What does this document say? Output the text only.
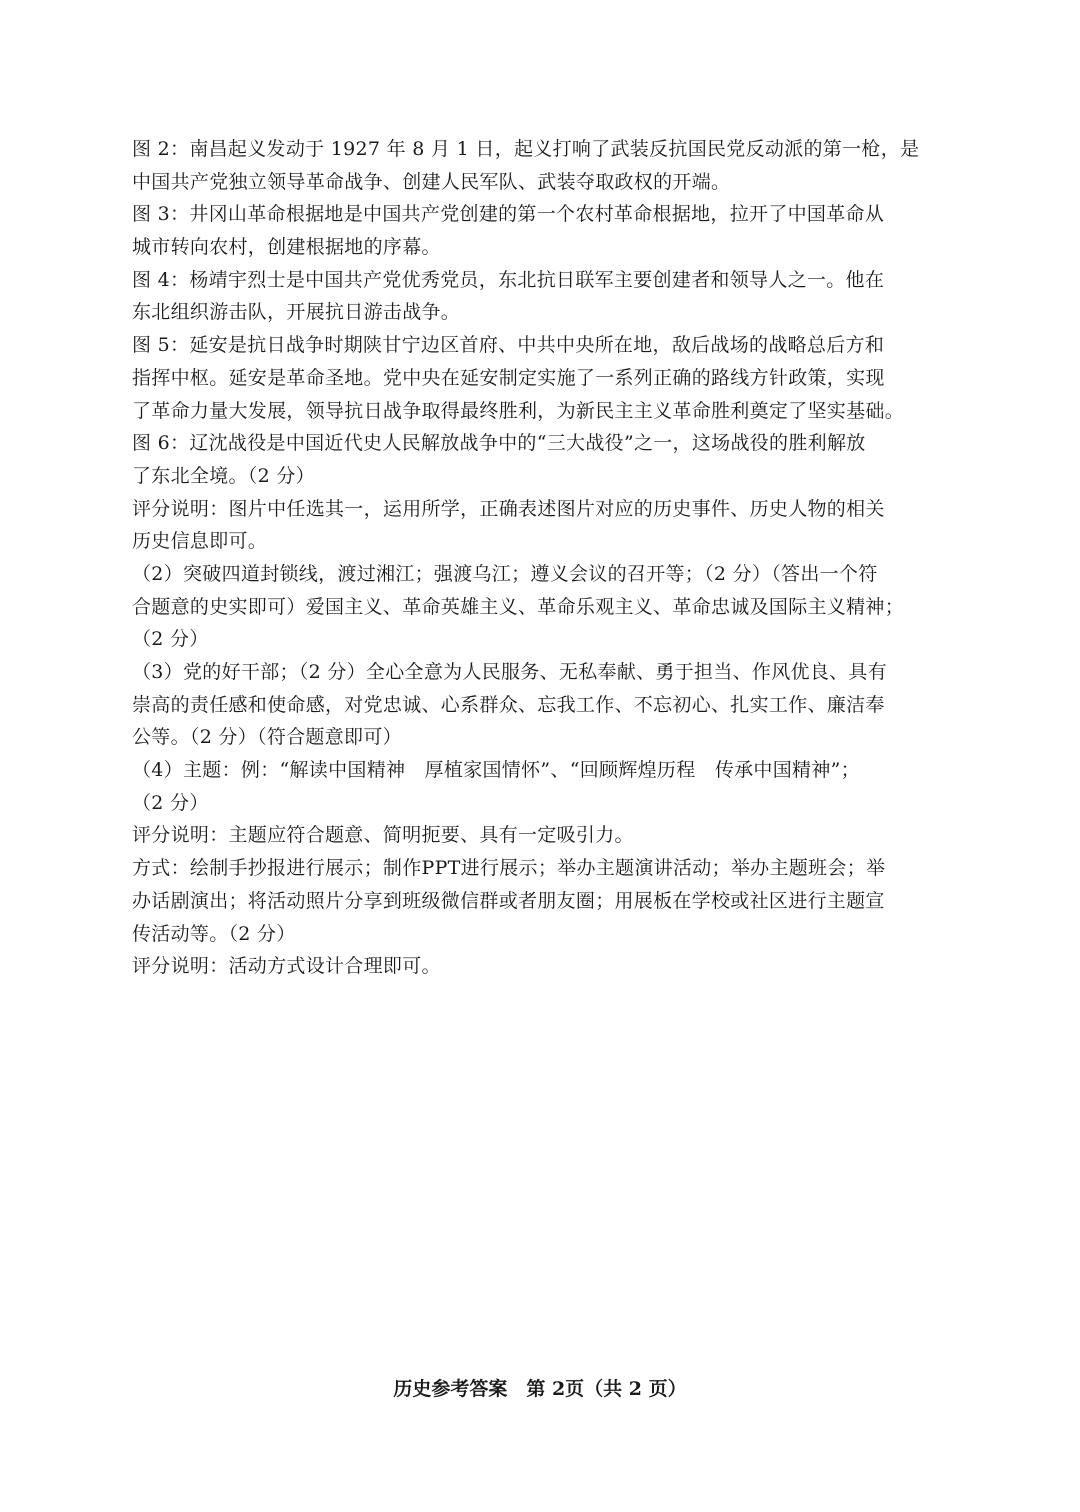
图 2：南昌起义发动于 1927 年 8 月 1 日，起义打响了武装反抗国民党反动派的第一枪，是
中国共产党独立领导革命战争、创建人民军队、武装夺取政权的开端。
图 3：井冈山革命根据地是中国共产党创建的第一个农村革命根据地，拉开了中国革命从
城市转向农村，创建根据地的序幕。
图 4：杨靖宇烈士是中国共产党优秀党员，东北抗日联军主要创建者和领导人之一。他在
东北组织游击队，开展抗日游击战争。
图 5：延安是抗日战争时期陕甘宁边区首府、中共中央所在地，敌后战场的战略总后方和
指挥中枢。延安是革命圣地。党中央在延安制定实施了一系列正确的路线方针政策，实现
了革命力量大发展，领导抗日战争取得最终胜利，为新民主主义革命胜利奠定了坚实基础。
图 6：辽沈战役是中国近代史人民解放战争中的“三大战役”之一，这场战役的胜利解放
了东北全境。（2 分）
评分说明：图片中任选其一，运用所学，正确表述图片对应的历史事件、历史人物的相关
历史信息即可。
（2）突破四道封锁线，渡过湘江；强渡乌江；遵义会议的召开等；（2 分）（答出一个符
合题意的史实即可）爱国主义、革命英雄主义、革命乐观主义、革命忠诚及国际主义精神；
（2 分）
（3）党的好干部；（2 分）全心全意为人民服务、无私奉献、勇于担当、作风优良、具有
崇高的责任感和使命感，对党忠诚、心系群众、忘我工作、不忘初心、扎实工作、廉洁奉
公等。（2 分）（符合题意即可）
（4）主题：例：“解读中国精神　厚植家国情怀”、“回顾辉煌历程　传承中国精神”；
（2 分）
评分说明：主题应符合题意、简明扼要、具有一定吸引力。
方式：绘制手抄报进行展示；制作PPT进行展示；举办主题演讲活动；举办主题班会；举
办话剧演出；将活动照片分享到班级微信群或者朋友圈；用展板在学校或社区进行主题宣
传活动等。（2 分）
评分说明：活动方式设计合理即可。
历史参考答案　第 2页（共 2 页）
